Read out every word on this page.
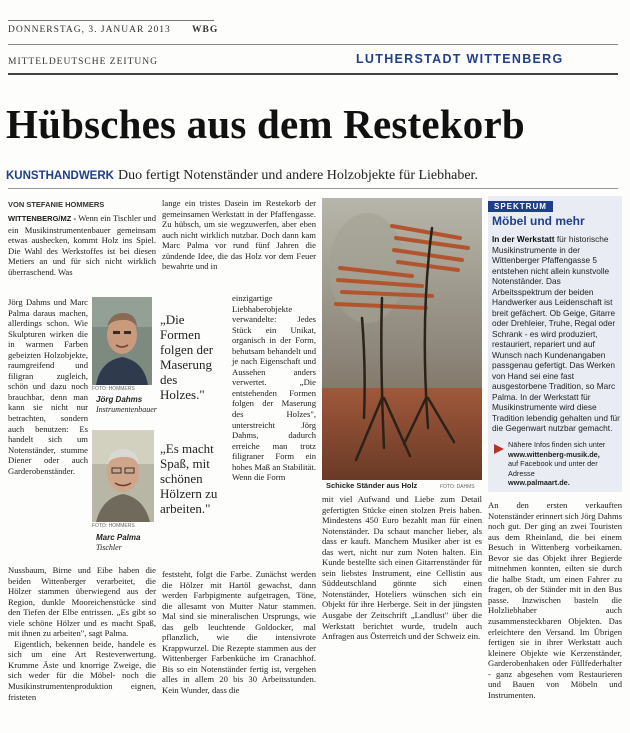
DONNERSTAG, 3. JANUAR 2013 WBG
MITTELDEUTSCHE ZEITUNG	LUTHERSTADT WITTENBERG
Hübsches aus dem Restekorb
KUNSTHANDWERK Duo fertigt Notenständer und andere Holzobjekte für Liebhaber.
VON STEFANIE HOMMERS

WITTENBERG/MZ - Wenn ein Tischler und ein Musikinstrumentenbauer gemeinsam etwas aushecken, kommt Holz ins Spiel. Die Wahl des Werkstoffes ist bei diesen Metiers an und für sich nicht wirklich überraschend. Was

Jörg Dahms und Marc Palma daraus machen, allerdings schon. Wie Skulpturen wirken die in warmen Farben gebeizten Holzobjekte, raumgreifend und filigran zugleich, schön und dazu noch brauchbar, denn man kann sie nicht nur betrachten, sondern auch benutzen: Es handelt sich um Notenständer, stumme Diener oder auch Garderobenständer.

Nussbaum, Birne und Eibe haben die beiden Wittenberger verarbeitet, die Hölzer stammen überwiegend aus der Region, dunkle Mooreichenstücke sind den Tiefen der Elbe entrissen. „Es gibt so viele schöne Hölzer und es macht Spaß, mit ihnen zu arbeiten", sagt Palma.

Eigentlich, bekennen beide, handele es sich um eine Art Resteverwertung. Krumme Äste und knorrige Zweige, die sich weder für die Möbel- noch die Musikinstrumentenproduktion eignen, fristeten

FOTO: HOMMERS
„Die Formen folgen der Maserung des Holzes."
Jörg Dahms
Instrumentenbauer
FOTO: HOMMERS
„Es macht Spaß, mit schönen Hölzern zu arbeiten."
Marc Palma
Tischler

lange ein tristes Dasein im Restekorb der gemeinsamen Werkstatt in der Pfaffengasse. Zu hübsch, um sie wegzuwerfen, aber eben auch nicht wirklich nutzbar. Doch dann kam Marc Palma vor rund fünf Jahren die zündende Idee, die das Holz vor dem Feuer bewahrte und in

einzigartige Liebhaberobjekte verwandelte: Jedes Stück ein Unikat, organisch in der Form, behutsam behandelt und je nach Eigenschaft und Aussehen anders verwertet. „Die entstehenden Formen folgen der Maserung des Holzes", unterstreicht Jörg Dahms, dadurch erreiche man trotz filigraner Form ein hohes Maß an Stabilität. Wenn die Form

feststeht, folgt die Farbe. Zunächst werden die Hölzer mit Hartöl gewachst, dann werden Farbpigmente aufgetragen, Töne, die allesamt von Mutter Natur stammen. Mal sind sie mineralischen Ursprungs, wie das gelb leuchtende Goldocker, mal pflanzlich, wie die intensivrote Krappwurzel. Die Rezepte stammen aus der Wittenberger Farbenküche im Cranachhof. Bis so ein Notenständer fertig ist, vergehen alles in allem 20 bis 30 Arbeitsstunden. Kein Wunder, dass die

Schicke Ständer aus Holz	FOTO: DAHMS

mit viel Aufwand und Liebe zum Detail gefertigten Stücke einen stolzen Preis haben. Mindestens 450 Euro bezahlt man für einen Notenständer. Da schaut mancher lieber, als dass er kauft. Manchem Musiker aber ist es das wert, nicht nur zum Noten halten. Ein Kunde bestellte sich einen Gitarrenständer für sein liebstes Instrument, eine Cellistin aus Süddeutschland gönnte sich einen Notenständer, Hoteliers wünschen sich ein Objekt für ihre Herberge. Seit in der jüngsten Ausgabe der Zeitschrift „Landlust" über die Werkstatt berichtet wurde, trudeln auch Anfragen aus Österreich und der Schweiz ein.

SPEKTRUM
Möbel und mehr
In der Werkstatt für historische Musikinstrumente in der Wittenberger Pfaffengasse 5 entstehen nicht allein kunstvolle Notenständer. Das Arbeitsspektrum der beiden Handwerker aus Leidenschaft ist breit gefächert. Ob Geige, Gitarre oder Drehleier, Truhe, Regal oder Schrank - es wird produziert, restauriert, repariert und auf Wunsch nach Kundenangaben passgenau gefertigt. Das Werken von Hand sei eine fast ausgestorbene Tradition, so Marc Palma. In der Werkstatt für Musikinstrumente wird diese Tradition lebendig gehalten und für die Gegenwart nutzbar gemacht.
Nähere Infos finden sich unter
www.wittenberg-musik.de,
auf Facebook und unter der Adresse
www.palmaart.de.

An den ersten verkauften Notenständer erinnert sich Jörg Dahms noch gut. Der ging an zwei Touristen aus dem Rheinland, die bei einem Besuch in Wittenberg vorbeikamen. Bevor sie das Objekt ihrer Begierde mitnehmen konnten, eilten sie durch die halbe Stadt, um einen Fahrer zu fragen, ob der Ständer mit in den Bus passe. Inzwischen basteln die Holzliebhaber auch zusammensteckbaren Objekten. Das erleichtere den Versand. Im Übrigen fertigen sie in ihrer Werkstatt auch kleinere Objekte wie Kerzenständer, Garderobenhaken oder Füllfederhalter - ganz abgesehen vom Restaurieren und Bauen von Möbeln und Instrumenten.
